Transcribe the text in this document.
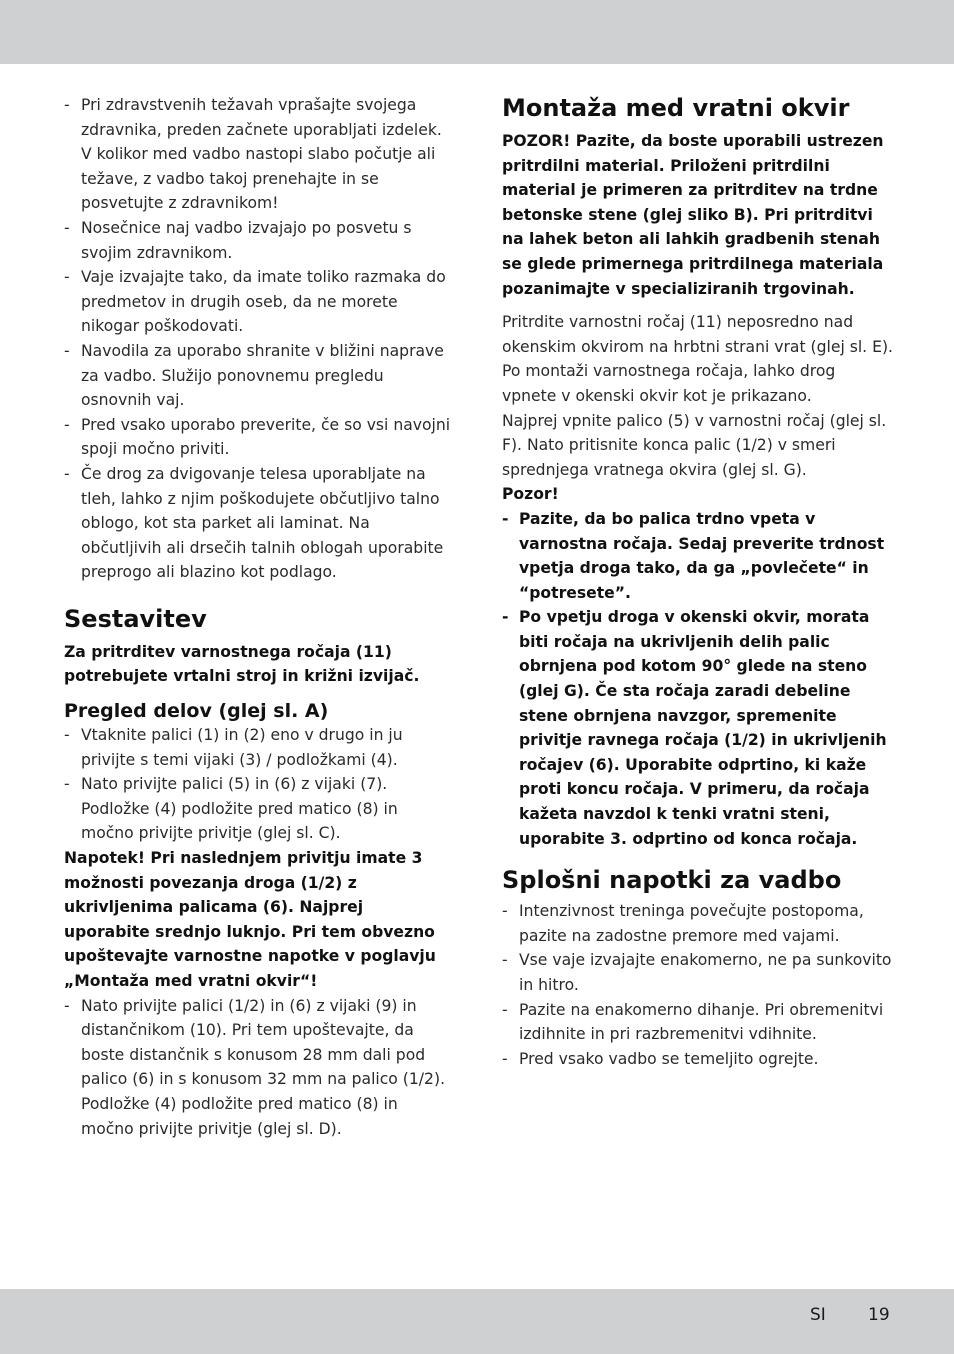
- Pri zdravstvenih težavah vprašajte svojega zdravnika, preden začnete uporabljati izdelek. V kolikor med vadbo nastopi slabo počutje ali težave, z vadbo takoj prenehajte in se posvetujte z zdravnikom!
- Nosečnice naj vadbo izvajajo po posvetu s svojim zdravnikom.
- Vaje izvajajte tako, da imate toliko razmaka do predmetov in drugih oseb, da ne morete nikogar poškodovati.
- Navodila za uporabo shranite v bližini naprave za vadbo. Služijo ponovnemu pregledu osnovnih vaj.
- Pred vsako uporabo preverite, če so vsi navojni spoji močno priviti.
- Če drog za dvigovanje telesa uporabljate na tleh, lahko z njim poškodujete občutljivo talno oblogo, kot sta parket ali laminat. Na občutljivih ali drsečih talnih oblogah uporabite preprogo ali blazino kot podlago.
Sestavitev

Za pritrditev varnostnega ročaja (11) potrebujete vrtalni stroj in križni izvijač.

Pregled delov (glej sl. A)
- Vtaknite palici (1) in (2) eno v drugo in ju privijte s temi vijaki (3) / podložkami (4).
- Nato privijte palici (5) in (6) z vijaki (7). Podložke (4) podložite pred matico (8) in močno privijte privitje (glej sl. C).

Napotek! Pri naslednjem privitju imate 3 možnosti povezanja droga (1/2) z ukrivljenima palicama (6). Najprej uporabite srednjo luknjo. Pri tem obvezno upoštevajte varnostne napotke v poglavju „Montaža med vratni okvir“!

- Nato privijte palici (1/2) in (6) z vijaki (9) in distančnikom (10). Pri tem upoštevajte, da boste distančnik s konusom 28 mm dali pod palico (6) in s konusom 32 mm na palico (1/2). Podložke (4) podložite pred matico (8) in močno privijte privitje (glej sl. D).
Montaža med vratni okvir

POZOR! Pazite, da boste uporabili ustrezen pritrdilni material. Priloženi pritrdilni material je primeren za pritrditev na trdne betonske stene (glej sliko B). Pri pritrditvi na lahek beton ali lahkih gradbenih stenah se glede primernega pritrdilnega materiala pozanimajte v specializiranih trgovinah.

Pritrdite varnostni ročaj (11) neposredno nad okenskim okvirom na hrbtni strani vrat (glej sl. E). Po montaži varnostnega ročaja, lahko drog vpnete v okenski okvir kot je prikazano.

Najprej vpnite palico (5) v varnostni ročaj (glej sl. F). Nato pritisnite konca palic (1/2) v smeri sprednjega vratnega okvira (glej sl. G).

Pozor!

- Pazite, da bo palica trdno vpeta v varnostna ročaja. Sedaj preverite trdnost vpetja droga tako, da ga „povlečete“ in “potresete”.
- Po vpetju droga v okenski okvir, morata biti ročaja na ukrivljenih delih palic obrnjena pod kotom 90° glede na steno (glej G). Če sta ročaja zaradi debeline stene obrnjena navzgor, spremenite privitje ravnega ročaja (1/2) in ukrivljenih ročajev (6). Uporabite odprtino, ki kaže proti koncu ročaja. V primeru, da ročaja kažeta navzdol k tenki vratni steni, uporabite 3. odprtino od konca ročaja.
Splošni napotki za vadbo
- Intenzivnost treninga povečujte postopoma, pazite na zadostne premore med vajami.
- Vse vaje izvajajte enakomerno, ne pa sunkovito in hitro.
- Pazite na enakomerno dihanje. Pri obremenitvi izdihnite in pri razbremenitvi vdihnite.
- Pred vsako vadbo se temeljito ogrejte.
SI 19
